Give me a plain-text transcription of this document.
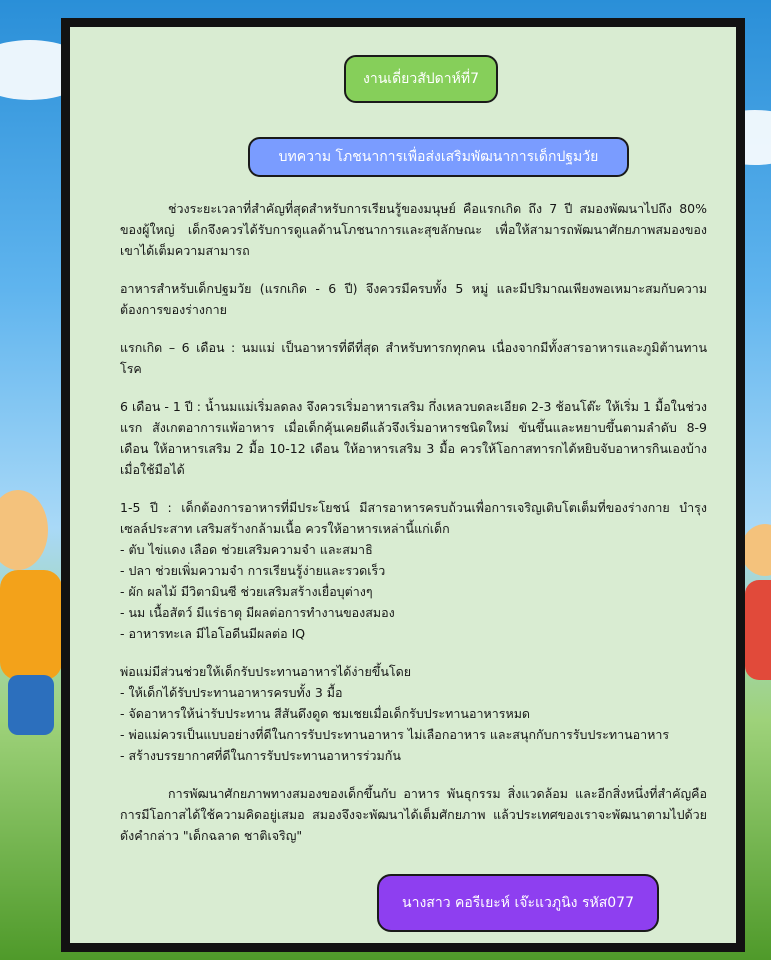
งานเดี่ยวสัปดาห์ที่7
บทความ โภชนาการเพื่อส่งเสริมพัฒนาการเด็กปฐมวัย

ช่วงระยะเวลาที่สำคัญที่สุดสำหรับการเรียนรู้ของมนุษย์ คือแรกเกิด ถึง 7 ปี สมองพัฒนาไปถึง 80% ของผู้ใหญ่ เด็กจึงควรได้รับการดูแลด้านโภชนาการและสุขลักษณะ เพื่อให้สามารถพัฒนาศักยภาพสมองของเขาได้เต็มความสามารถ

อาหารสำหรับเด็กปฐมวัย (แรกเกิด - 6 ปี) จึงควรมีครบทั้ง 5 หมู่ และมีปริมาณเพียงพอเหมาะสมกับความต้องการของร่างกาย

แรกเกิด – 6 เดือน : นมแม่ เป็นอาหารที่ดีที่สุด สำหรับทารกทุกคน เนื่องจากมีทั้งสารอาหารและภูมิต้านทานโรค

6 เดือน - 1 ปี : น้ำนมแม่เริ่มลดลง จึงควรเริ่มอาหารเสริม กึ่งเหลวบดละเอียด 2-3 ช้อนโต๊ะ ให้เริ่ม 1 มื้อในช่วงแรก สังเกตอาการแพ้อาหาร เมื่อเด็กคุ้นเคยดีแล้วจึงเริ่มอาหารชนิดใหม่ ขันขึ้นและหยาบขึ้นตามลำดับ 8-9 เดือน ให้อาหารเสริม 2 มื้อ 10-12 เดือน ให้อาหารเสริม 3 มื้อ ควรให้โอกาสทารกได้หยิบจับอาหารกินเองบ้างเมื่อใช้มือได้

1-5 ปี : เด็กต้องการอาหารที่มีประโยชน์ มีสารอาหารครบถ้วนเพื่อการเจริญเติบโตเต็มที่ของร่างกาย บำรุงเซลล์ประสาท เสริมสร้างกล้ามเนื้อ ควรให้อาหารเหล่านี้แก่เด็ก
- ตับ ไข่แดง เลือด ช่วยเสริมความจำ และสมาธิ
- ปลา ช่วยเพิ่มความจำ การเรียนรู้ง่ายและรวดเร็ว
- ผัก ผลไม้ มีวิตามินซี ช่วยเสริมสร้างเยื่อบุต่างๆ
- นม เนื้อสัตว์ มีแร่ธาตุ มีผลต่อการทำงานของสมอง
- อาหารทะเล มีไอโอดีนมีผลต่อ IQ

พ่อแม่มีส่วนช่วยให้เด็กรับประทานอาหารได้ง่ายขึ้นโดย
- ให้เด็กได้รับประทานอาหารครบทั้ง 3 มื้อ
- จัดอาหารให้น่ารับประทาน สีสันดึงดูด ชมเชยเมื่อเด็กรับประทานอาหารหมด
- พ่อแม่ควรเป็นแบบอย่างที่ดีในการรับประทานอาหาร ไม่เลือกอาหาร และสนุกกับการรับประทานอาหาร
- สร้างบรรยากาศที่ดีในการรับประทานอาหารร่วมกัน

การพัฒนาศักยภาพทางสมองของเด็กขึ้นกับ อาหาร พันธุกรรม สิ่งแวดล้อม และอีกสิ่งหนึ่งที่สำคัญคือ การมีโอกาสได้ใช้ความคิดอยู่เสมอ สมองจึงจะพัฒนาได้เต็มศักยภาพ แล้วประเทศของเราจะพัฒนาตามไปด้วย ดังคำกล่าว "เด็กฉลาด ชาติเจริญ"

นางสาว คอรีเยะห์ เจ๊ะแวภูนิง รหัส077
